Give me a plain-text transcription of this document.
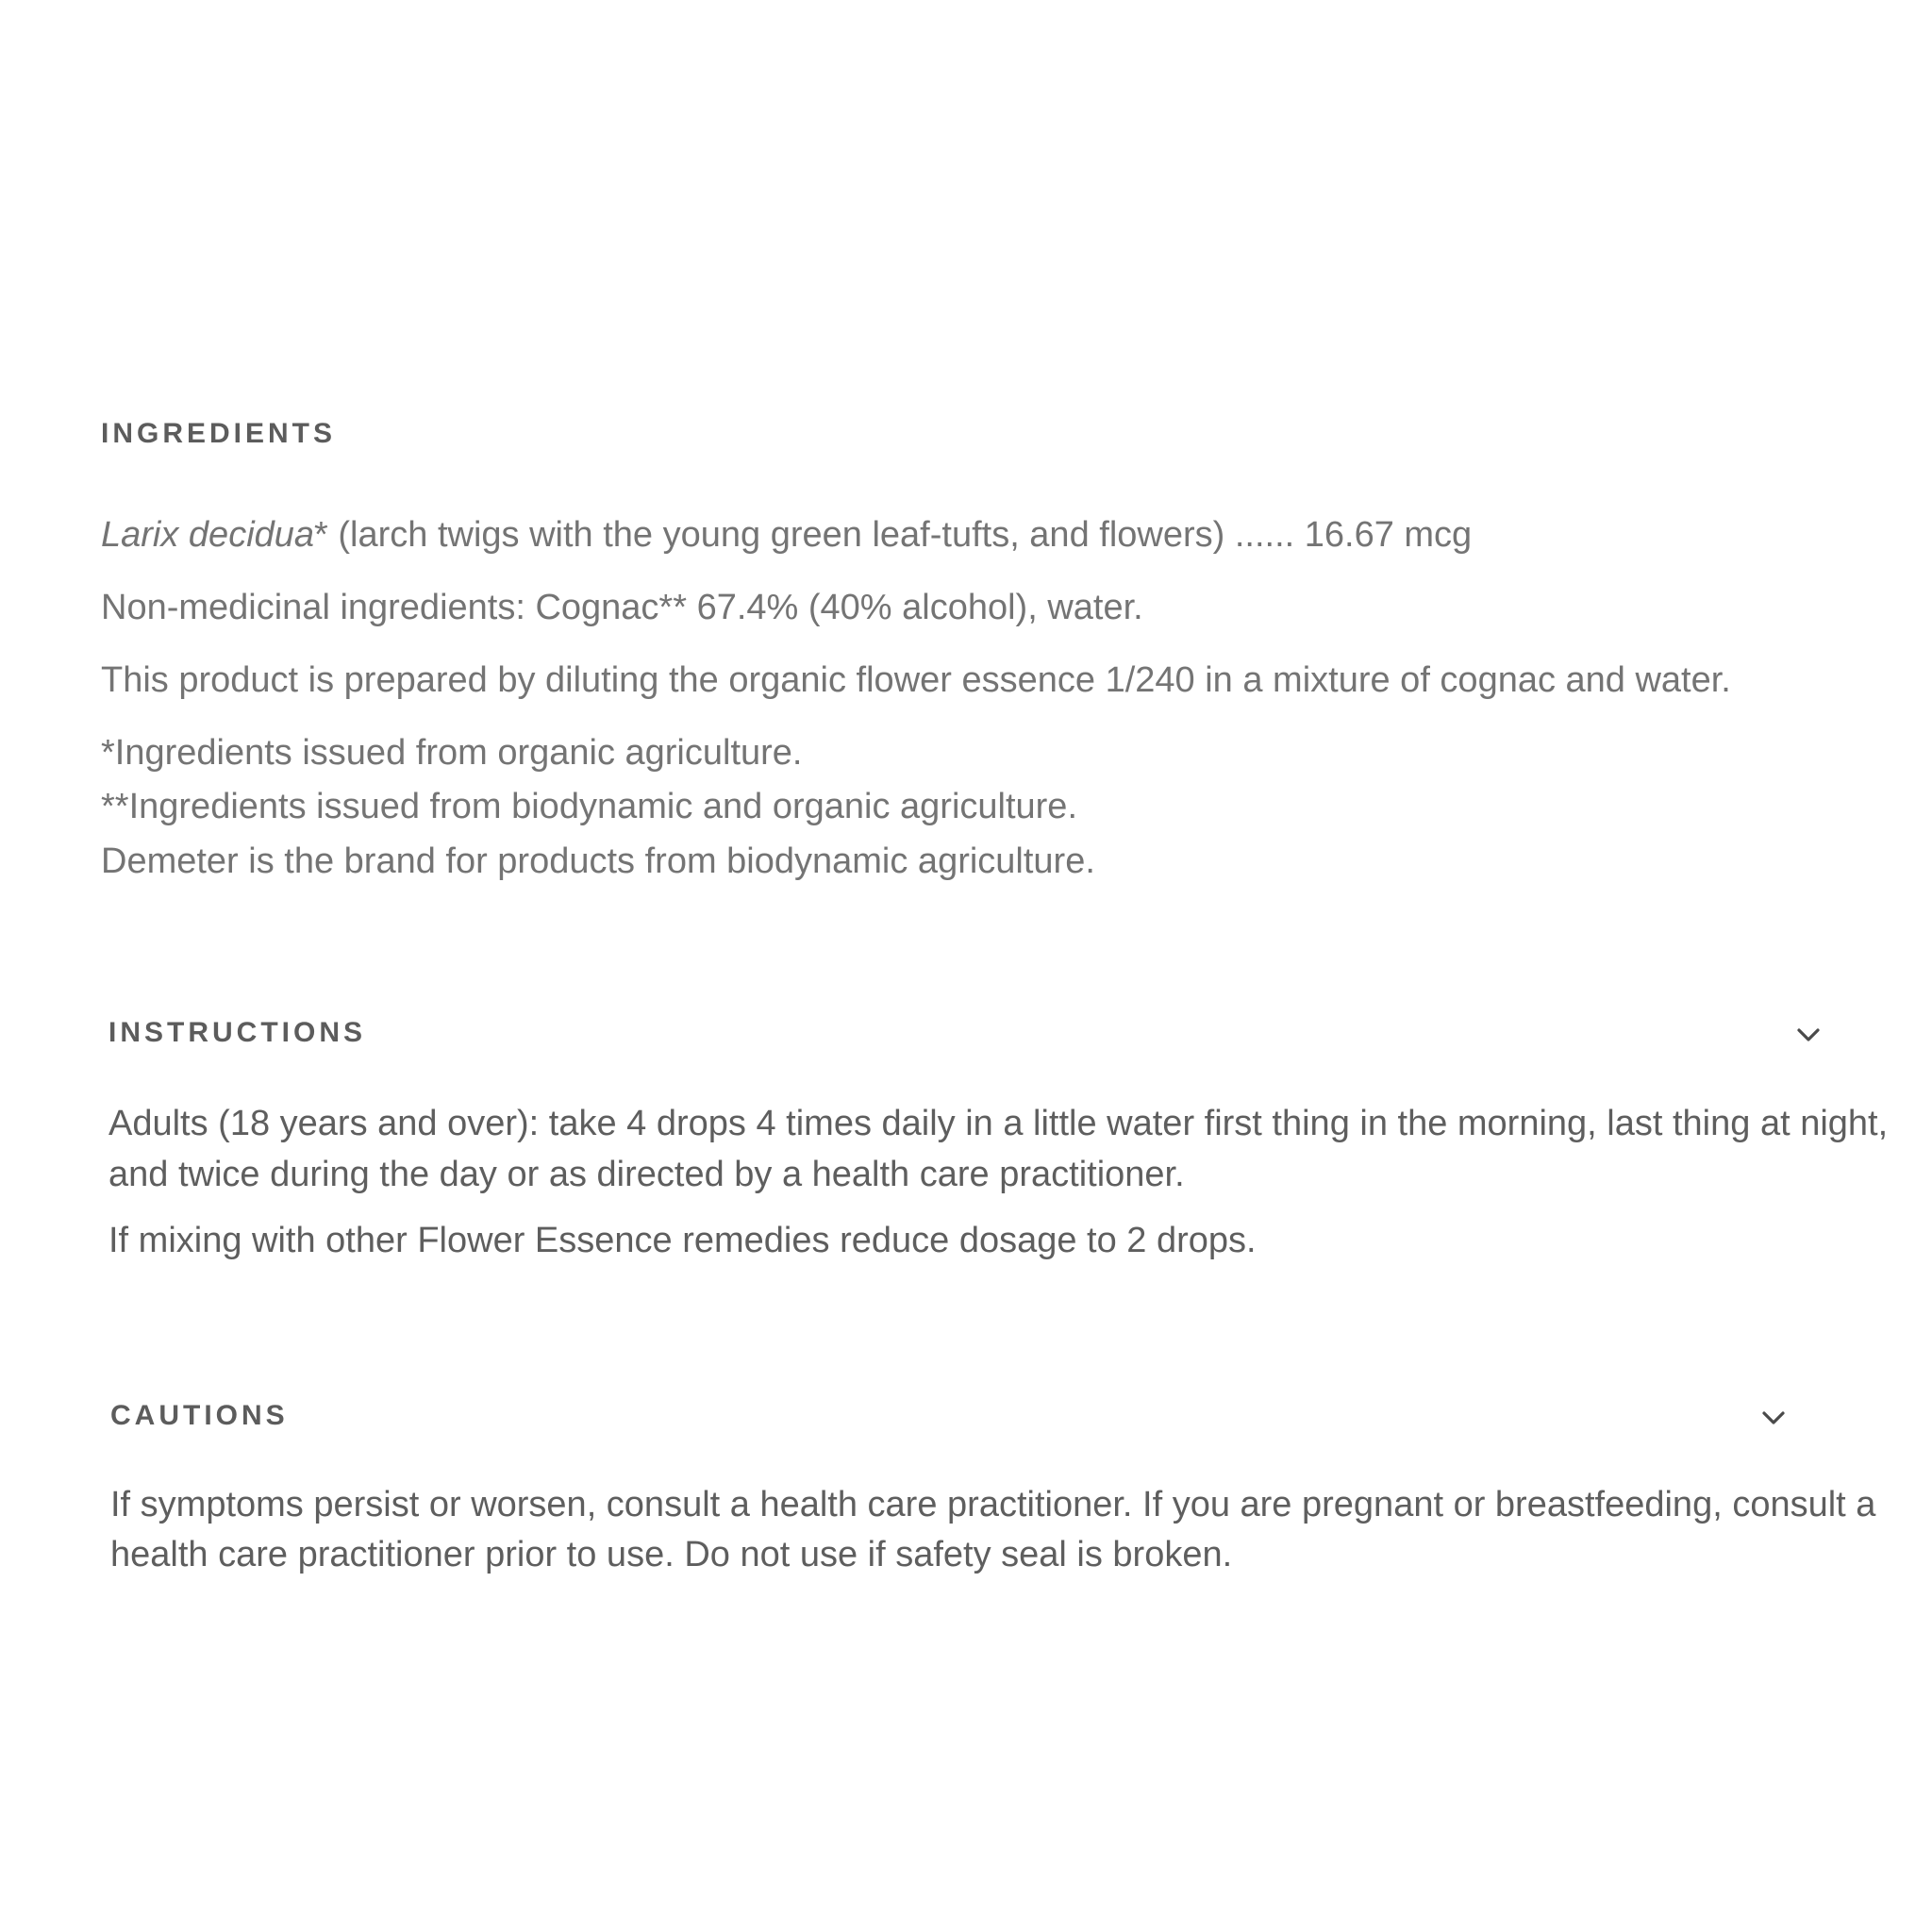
INGREDIENTS

Larix decidua* (larch twigs with the young green leaf-tufts, and flowers) ...... 16.67 mcg

Non-medicinal ingredients: Cognac** 67.4% (40% alcohol), water.

This product is prepared by diluting the organic flower essence 1/240 in a mixture of cognac and water.

*Ingredients issued from organic agriculture.

**Ingredients issued from biodynamic and organic agriculture.

Demeter is the brand for products from biodynamic agriculture.

INSTRUCTIONS

Adults (18 years and over): take 4 drops 4 times daily in a little water first thing in the morning, last thing at night,

and twice during the day or as directed by a health care practitioner.

If mixing with other Flower Essence remedies reduce dosage to 2 drops.

CAUTIONS

If symptoms persist or worsen, consult a health care practitioner. If you are pregnant or breastfeeding, consult a

health care practitioner prior to use. Do not use if safety seal is broken.
